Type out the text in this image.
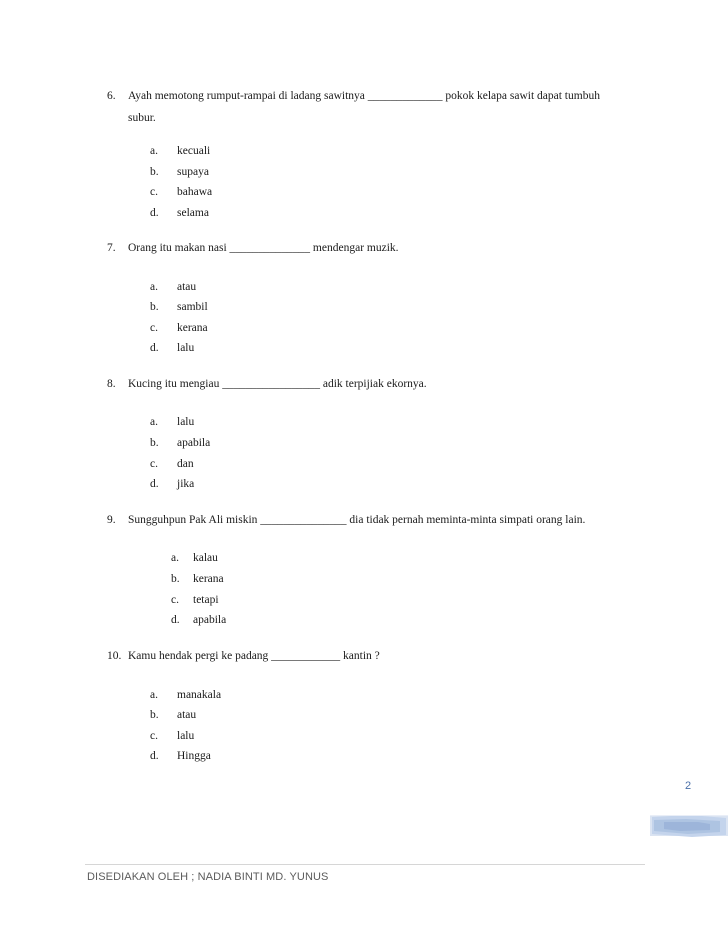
6. Ayah memotong rumput-rampai di ladang sawitnya _____________ pokok kelapa sawit dapat tumbuh
subur.
a. kecuali
b. supaya
c. bahawa
d. selama
7. Orang itu makan nasi ______________ mendengar muzik.
a. atau
b. sambil
c. kerana
d. lalu
8. Kucing itu mengiau _________________ adik terpijiak ekornya.
a. lalu
b. apabila
c. dan
d. jika
9. Sungguhpun Pak Ali miskin _______________ dia tidak pernah meminta-minta simpati orang lain.
a. kalau
b. kerana
c. tetapi
d. apabila
10. Kamu hendak pergi ke padang ____________ kantin ?
a. manakala
b. atau
c. lalu
d. Hingga
2
DISEDIAKAN OLEH ; NADIA BINTI MD. YUNUS
